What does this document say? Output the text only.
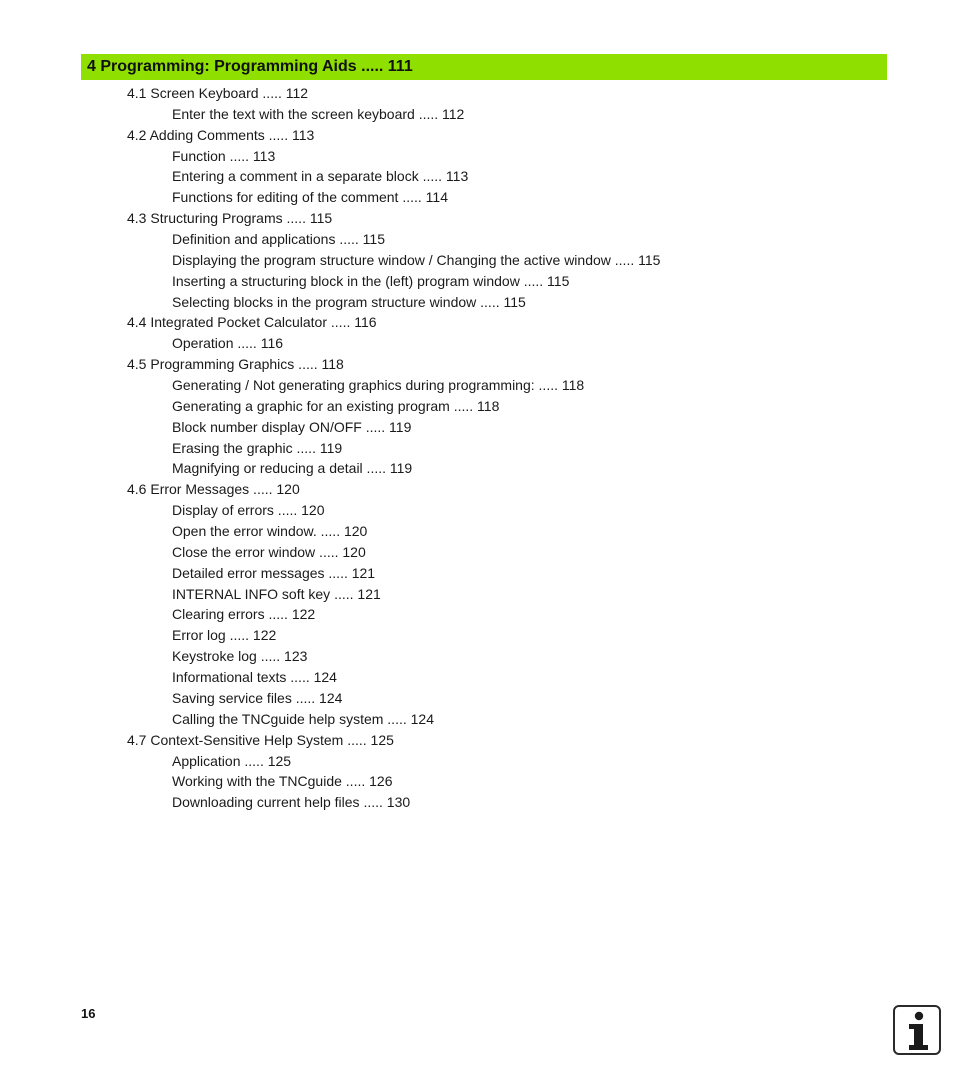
4 Programming: Programming Aids ..... 111
4.1 Screen Keyboard ..... 112
Enter the text with the screen keyboard ..... 112
4.2 Adding Comments ..... 113
Function ..... 113
Entering a comment in a separate block ..... 113
Functions for editing of the comment ..... 114
4.3 Structuring Programs ..... 115
Definition and applications ..... 115
Displaying the program structure window / Changing the active window ..... 115
Inserting a structuring block in the (left) program window ..... 115
Selecting blocks in the program structure window ..... 115
4.4 Integrated Pocket Calculator ..... 116
Operation ..... 116
4.5 Programming Graphics ..... 118
Generating / Not generating graphics during programming: ..... 118
Generating a graphic for an existing program ..... 118
Block number display ON/OFF ..... 119
Erasing the graphic ..... 119
Magnifying or reducing a detail ..... 119
4.6 Error Messages ..... 120
Display of errors ..... 120
Open the error window. ..... 120
Close the error window ..... 120
Detailed error messages ..... 121
INTERNAL INFO soft key ..... 121
Clearing errors ..... 122
Error log ..... 122
Keystroke log ..... 123
Informational texts ..... 124
Saving service files ..... 124
Calling the TNCguide help system ..... 124
4.7 Context-Sensitive Help System ..... 125
Application ..... 125
Working with the TNCguide ..... 126
Downloading current help files ..... 130
16
